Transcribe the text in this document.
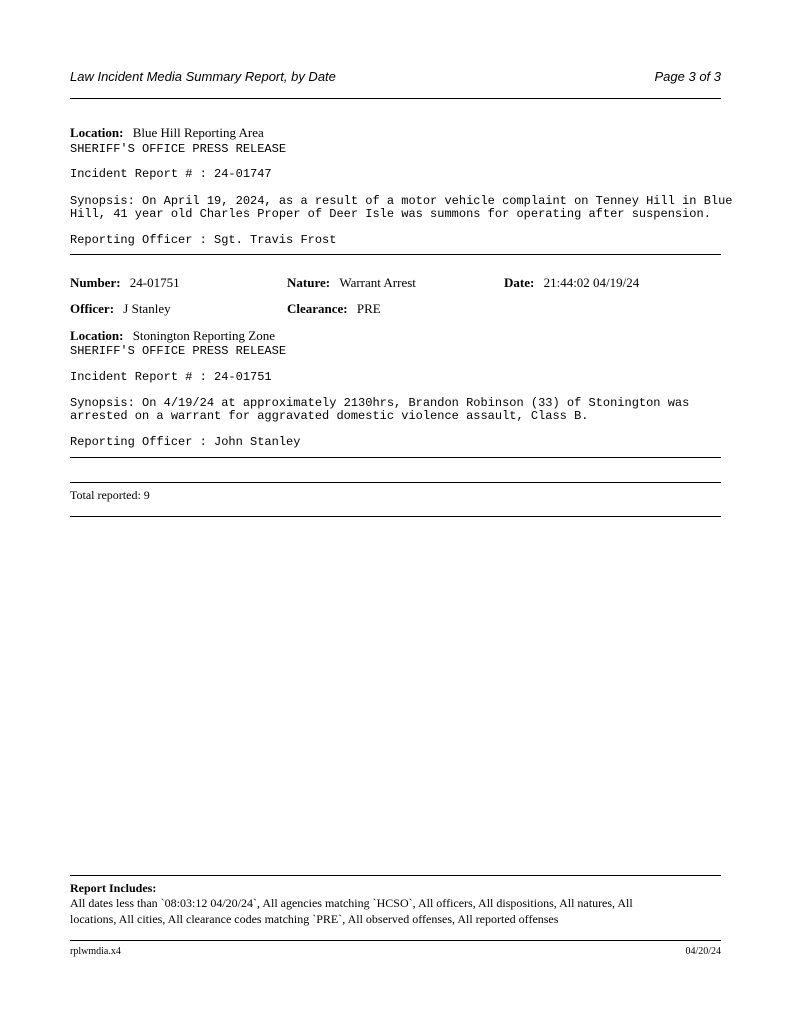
Law Incident Media Summary Report, by Date	Page 3 of 3
Location: Blue Hill Reporting Area
SHERIFF'S OFFICE PRESS RELEASE
Incident Report # : 24-01747
Synopsis: On April 19, 2024, as a result of a motor vehicle complaint on Tenney Hill in Blue
Hill, 41 year old Charles Proper of Deer Isle was summons for operating after suspension.
Reporting Officer : Sgt. Travis Frost
Number: 24-01751	Nature: Warrant Arrest	Date: 21:44:02 04/19/24
Officer: J Stanley	Clearance: PRE
Location: Stonington Reporting Zone
SHERIFF'S OFFICE PRESS RELEASE
Incident Report # : 24-01751
Synopsis: On 4/19/24 at approximately 2130hrs, Brandon Robinson (33) of Stonington was
arrested on a warrant for aggravated domestic violence assault, Class B.
Reporting Officer : John Stanley
Total reported: 9
Report Includes:
All dates less than `08:03:12 04/20/24`, All agencies matching `HCSO`, All officers, All dispositions, All natures, All
locations, All cities, All clearance codes matching `PRE`, All observed offenses, All reported offenses
rplwmdia.x4	04/20/24
